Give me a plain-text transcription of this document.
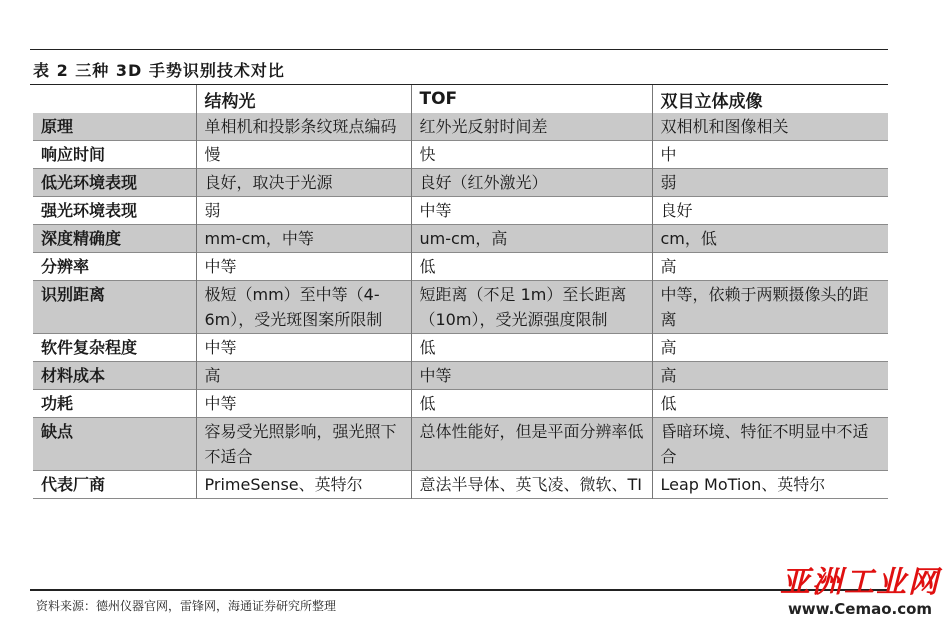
表 2 三种 3D 手势识别技术对比
	结构光	TOF	双目立体成像
原理	单相机和投影条纹斑点编码	红外光反射时间差	双相机和图像相关
响应时间	慢	快	中
低光环境表现	良好，取决于光源	良好（红外激光）	弱
强光环境表现	弱	中等	良好
深度精确度	mm-cm，中等	um-cm，高	cm，低
分辨率	中等	低	高
识别距离	极短（mm）至中等（4-6m），受光斑图案所限制	短距离（不足 1m）至长距离（10m），受光源强度限制	中等，依赖于两颗摄像头的距离
软件复杂程度	中等	低	高
材料成本	高	中等	高
功耗	中等	低	低
缺点	容易受光照影响，强光照下不适合	总体性能好，但是平面分辨率低	昏暗环境、特征不明显中不适合
代表厂商	PrimeSense、英特尔	意法半导体、英飞凌、微软、TI	Leap MoTion、英特尔
资料来源：德州仪器官网，雷锋网，海通证券研究所整理
亚洲工业网
www.Cemao.com
